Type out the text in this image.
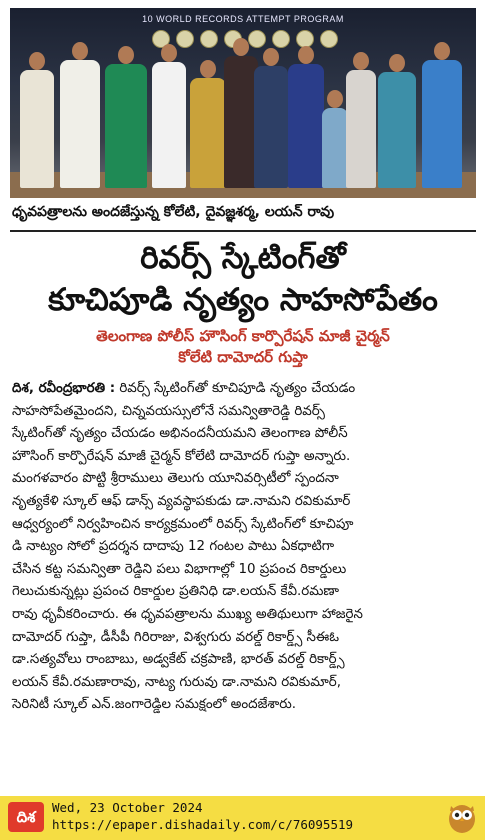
10 WORLD RECORDS ATTEMPT PROGRAM
ధృవపత్రాలను అందజేస్తున్న కోలేటి, దైవజ్ఞశర్మ, లయన్ రావు
రివర్స్ స్కేటింగ్‌తో
కూచిపూడి నృత్యం సాహసోపేతం
తెలంగాణ పోలీస్ హౌసింగ్ కార్పొరేషన్ మాజీ చైర్మన్
కోలేటి దామోదర్ గుప్తా
దిశ, రవీంద్రభారతి : రివర్స్ స్కేటింగ్‌తో కూచిపూడి నృత్యం చేయడం
సాహసోపేతమైందని, చిన్నవయస్సులోనే సమన్వితారెడ్డి రివర్స్
స్కేటింగ్‌తో నృత్యం చేయడం అభినందనీయమని తెలంగాణ పోలీస్
హౌసింగ్ కార్పొరేషన్ మాజీ చైర్మన్ కోలేటి దామోదర్ గుప్తా అన్నారు.
మంగళవారం పొట్టి శ్రీరాములు తెలుగు యూనివర్సిటీలో స్పందనా
నృత్యకేళి స్కూల్ ఆఫ్ డాన్స్ వ్యవస్థాపకుడు డా.నామని రవికుమార్
ఆధ్వర్యంలో నిర్వహించిన కార్యక్రమంలో రివర్స్ స్కేటింగ్‌లో కూచిపూ
డి నాట్యం సోలో ప్రదర్శన దాదాపు 12 గంటల పాటు ఏకధాటిగా
చేసిన కట్ట సమన్వితా రెడ్డిని పలు విభాగాల్లో 10 ప్రపంచ రికార్డులు
గెలుచుకున్నట్లు ప్రపంచ రికార్డుల ప్రతినిధి డా.లయన్ కేవీ.రమణా
రావు ధృవీకరించారు. ఈ ధృవపత్రాలను ముఖ్య అతిథులుగా హాజరైన
దామోదర్ గుప్తా, డీసీపీ గిరిరాజు, విశ్వగురు వరల్డ్ రికార్డ్స్ సీఈఓ
డా.సత్యవోలు రాంబాబు, అడ్వకేట్ చక్రపాణి, భారత్ వరల్డ్ రికార్డ్స్
లయన్ కేవీ.రమణారావు, నాట్య గురువు డా.నామని రవికుమార్,
సెరినిటీ స్కూల్ ఎన్.జంగారెడ్డిల సమక్షంలో అందజేశారు.
దిశ
Wed, 23 October 2024
https://epaper.dishadaily.com/c/76095519
